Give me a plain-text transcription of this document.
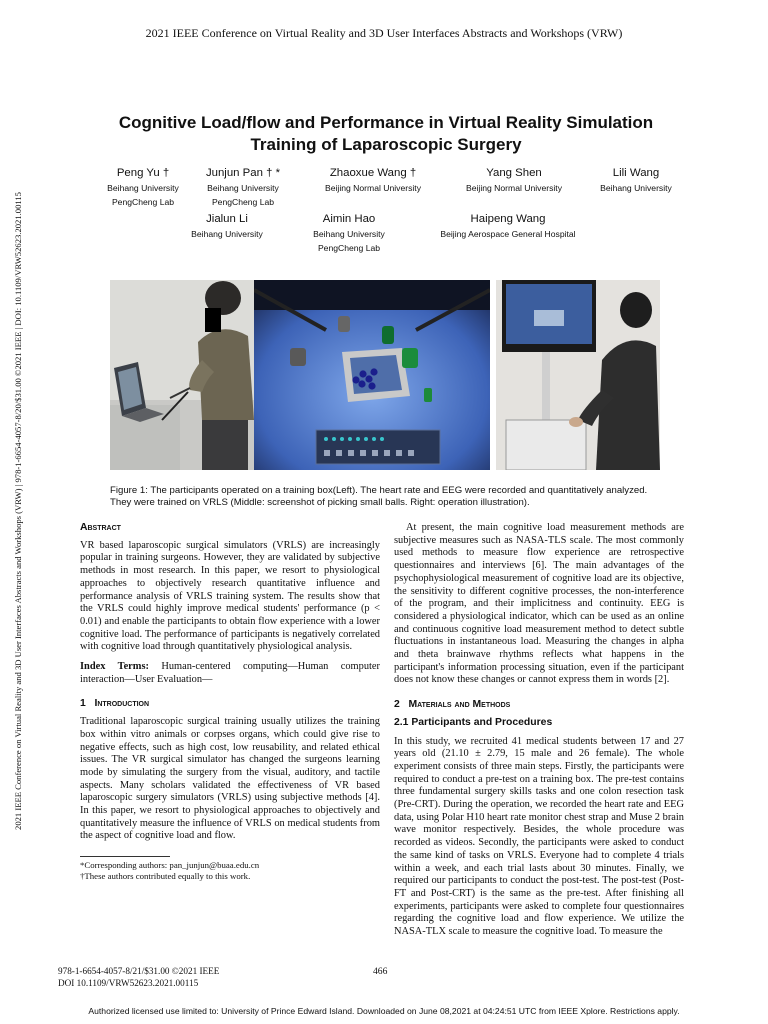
2021 IEEE Conference on Virtual Reality and 3D User Interfaces Abstracts and Workshops (VRW)
2021 IEEE Conference on Virtual Reality and 3D User Interfaces Abstracts and Workshops (VRW) | 978-1-6654-4057-8/20/$31.00 ©2021 IEEE | DOI: 10.1109/VRW52623.2021.00115
Cognitive Load/flow and Performance in Virtual Reality Simulation
Training of Laparoscopic Surgery
Peng Yu †
Beihang University
PengCheng Lab
Junjun Pan † *
Beihang University
PengCheng Lab
Zhaoxue Wang †
Beijing Normal University
Yang Shen
Beijing Normal University
Lili Wang
Beihang University
Jialun Li
Beihang University
Aimin Hao
Beihang University
PengCheng Lab
Haipeng Wang
Beijing Aerospace General Hospital
Figure 1: The participants operated on a training box(Left). The heart rate and EEG were recorded and quantitatively analyzed. They were trained on VRLS (Middle: screenshot of picking small balls. Right: operation illustration).
Abstract
VR based laparoscopic surgical simulators (VRLS) are increasingly popular in training surgeons. However, they are validated by subjective methods in most research. In this paper, we resort to physiological approaches to objectively research quantitative influence and performance analysis of VRLS training system. The results show that the VRLS could highly improve medical students' performance (p < 0.01) and enable the participants to obtain flow experience with a lower cognitive load. The performance of participants is negatively correlated with cognitive load through quantitatively physiological analysis.
Index Terms: Human-centered computing—Human computer interaction—User Evaluation—
1 Introduction
Traditional laparoscopic surgical training usually utilizes the training box within vitro animals or corpses organs, which could give rise to negative effects, such as high cost, low reusability, and related ethical issues. The VR surgical simulator has changed the surgeons learning mode by simulating the surgery from the visual, auditory, and tactile aspects. Many scholars validated the effectiveness of VR based laparoscopic surgery simulators (VRLS) using subjective methods [4]. In this paper, we resort to physiological approaches to objectively and quantitatively measure the influence of VRLS on medical students from the aspect of cognitive load and flow.
*Corresponding authors: pan_junjun@buaa.edu.cn
†These authors contributed equally to this work.
At present, the main cognitive load measurement methods are subjective measures such as NASA-TLS scale. The most commonly used methods to measure flow experience are retrospective questionnaires and interviews [6]. The main advantages of the psychophysiological measurement of cognitive load are its objective, the sensitivity to different cognitive processes, the non-interference of the program, and their implicitness and continuity. EEG is considered a physiological indicator, which can be used as an online and continuous cognitive load measurement method to detect subtle fluctuations in instantaneous load. Measuring the changes in alpha and theta brainwave rhythms reflects what happens in the participant's information processing situation, even if the participant does not know these changes or cannot express them in words [2].
2 Materials and Methods
2.1 Participants and Procedures
In this study, we recruited 41 medical students between 17 and 27 years old (21.10 ± 2.79, 15 male and 26 female). The whole experiment consists of three main steps. Firstly, the participants were required to conduct a pre-test on a training box. The pre-test contains three fundamental surgery skills tasks and one colon resection task (Pre-CRT). During the operation, we recorded the heart rate and EEG data, using Polar H10 heart rate monitor chest strap and Muse 2 brain wave monitor respectively. Besides, the whole procedure was recorded as videos. Secondly, the participants were asked to conduct the same kind of tasks on VRLS. Everyone had to complete 4 trials within a week, and each trial lasts about 30 minutes. Finally, we required our participants to conduct the post-test. The post-test (Post-FT and Post-CRT) is the same as the pre-test. After finishing all experiments, participants were asked to complete four questionnaires regarding the cognitive load and flow experience. We utilize the NASA-TLX scale to measure the cognitive load. To measure the
978-1-6654-4057-8/21/$31.00 ©2021 IEEE
DOI 10.1109/VRW52623.2021.00115
466
Authorized licensed use limited to: University of Prince Edward Island. Downloaded on June 08,2021 at 04:24:51 UTC from IEEE Xplore. Restrictions apply.
